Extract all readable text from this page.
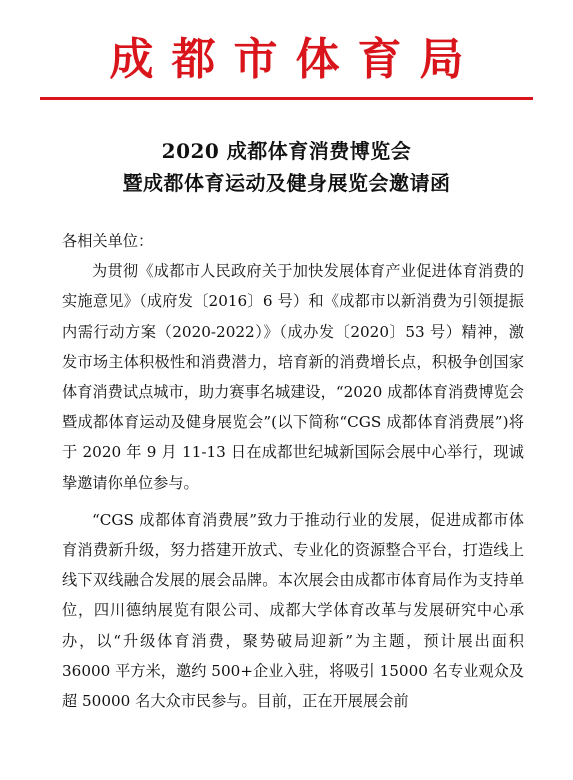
成都市体育局
2020 成都体育消费博览会
暨成都体育运动及健身展览会邀请函

各相关单位：

为贯彻《成都市人民政府关于加快发展体育产业促进体育消费的实施意见》（成府发〔2016〕6 号）和《成都市以新消费为引领提振内需行动方案（2020-2022）》（成办发〔2020〕53 号）精神，激发市场主体积极性和消费潜力，培育新的消费增长点，积极争创国家体育消费试点城市，助力赛事名城建设，“2020 成都体育消费博览会暨成都体育运动及健身展览会”(以下简称“CGS 成都体育消费展”)将于 2020 年 9 月 11-13 日在成都世纪城新国际会展中心举行，现诚挚邀请你单位参与。

“CGS 成都体育消费展”致力于推动行业的发展，促进成都市体育消费新升级，努力搭建开放式、专业化的资源整合平台，打造线上线下双线融合发展的展会品牌。本次展会由成都市体育局作为支持单位，四川德纳展览有限公司、成都大学体育改革与发展研究中心承办，以“升级体育消费，聚势破局迎新”为主题，预计展出面积 36000 平方米，邀约 500+企业入驻，将吸引 15000 名专业观众及超 50000 名大众市民参与。目前，正在开展展会前
